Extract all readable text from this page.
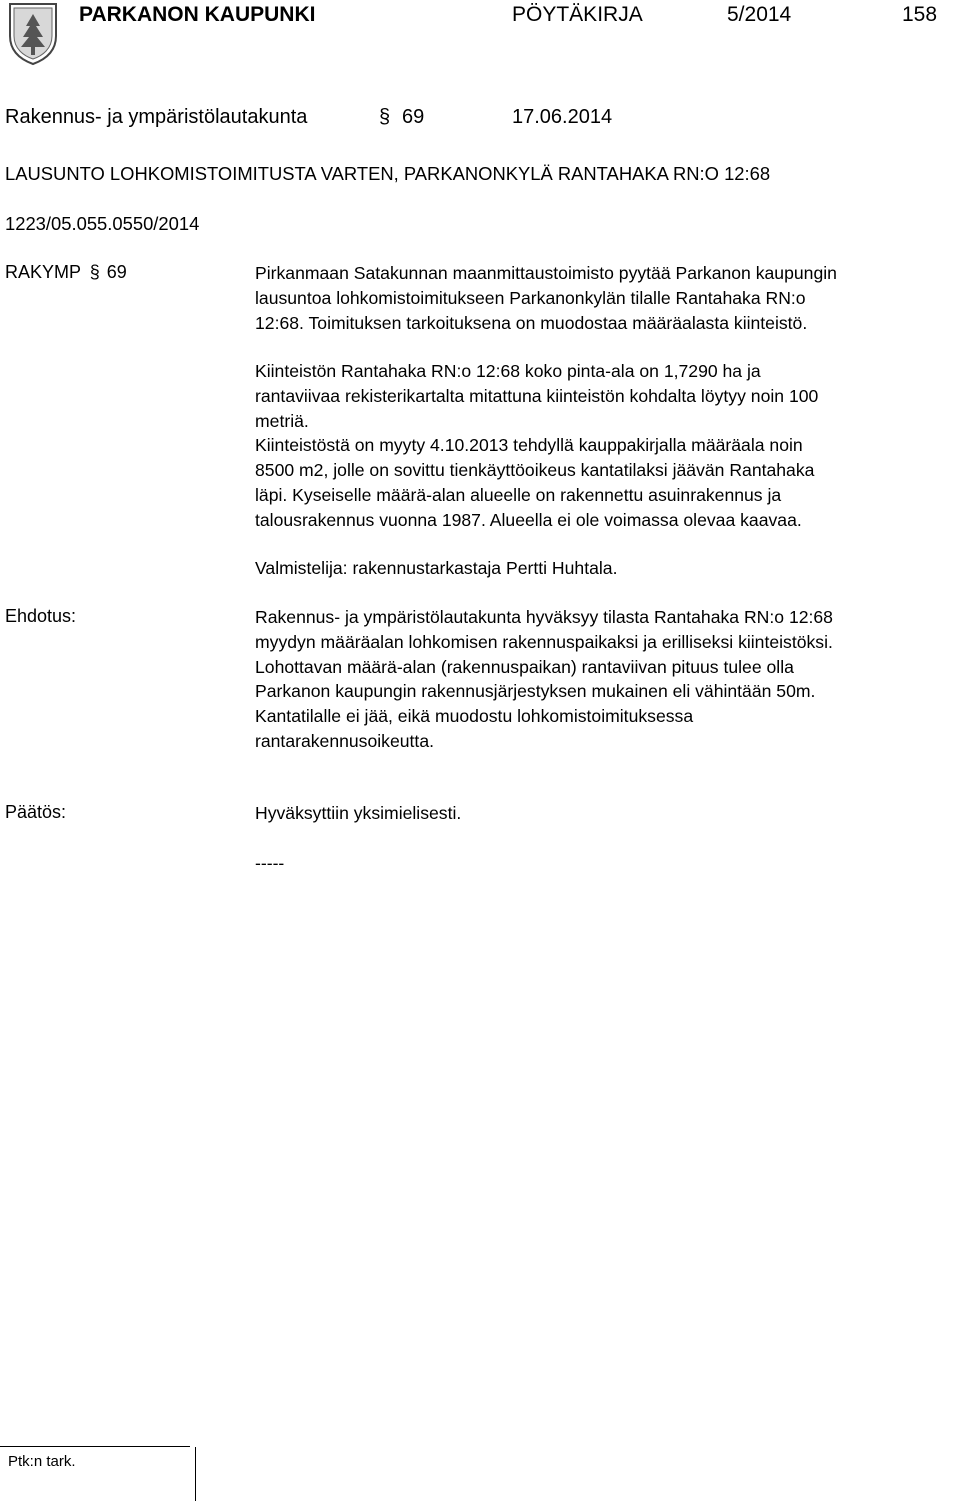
PARKANON KAUPUNKI	PÖYTÄKIRJA	5/2014	158
Rakennus- ja ympäristölautakunta	§ 69	17.06.2014
LAUSUNTO LOHKOMISTOIMITUSTA VARTEN, PARKANONKYLÄ RANTAHAKA RN:O 12:68
1223/05.055.0550/2014
RAKYMP § 69	Pirkanmaan Satakunnan maanmittaustoimisto pyytää Parkanon kaupungin
lausuntoa lohkomistoimitukseen Parkanonkylän tilalle Rantahaka RN:o
12:68. Toimituksen tarkoituksena on muodostaa määräalasta kiinteistö.
Kiinteistön Rantahaka RN:o 12:68 koko pinta-ala on 1,7290 ha ja
rantaviivaa rekisterikartalta mitattuna kiinteistön kohdalta löytyy noin 100
metriä.
Kiinteistöstä on myyty 4.10.2013 tehdyllä kauppakirjalla määräala noin
8500 m2, jolle on sovittu tienkäyttöoikeus kantatilaksi jäävän Rantahaka
läpi. Kyseiselle määrä-alan alueelle on rakennettu asuinrakennus ja
talousrakennus vuonna 1987. Alueella ei ole voimassa olevaa kaavaa.
Valmistelija: rakennustarkastaja Pertti Huhtala.
Ehdotus:	Rakennus- ja ympäristölautakunta hyväksyy tilasta Rantahaka RN:o 12:68
myydyn määräalan lohkomisen rakennuspaikaksi ja erilliseksi kiinteistöksi.
Lohottavan määrä-alan (rakennuspaikan) rantaviivan pituus tulee olla
Parkanon kaupungin rakennusjärjestyksen mukainen eli vähintään 50m.
Kantatilalle ei jää, eikä muodostu lohkomistoimituksessa
rantarakennusoikeutta.
Päätös:	Hyväksyttiin yksimielisesti.
-----
Ptk:n tark.
